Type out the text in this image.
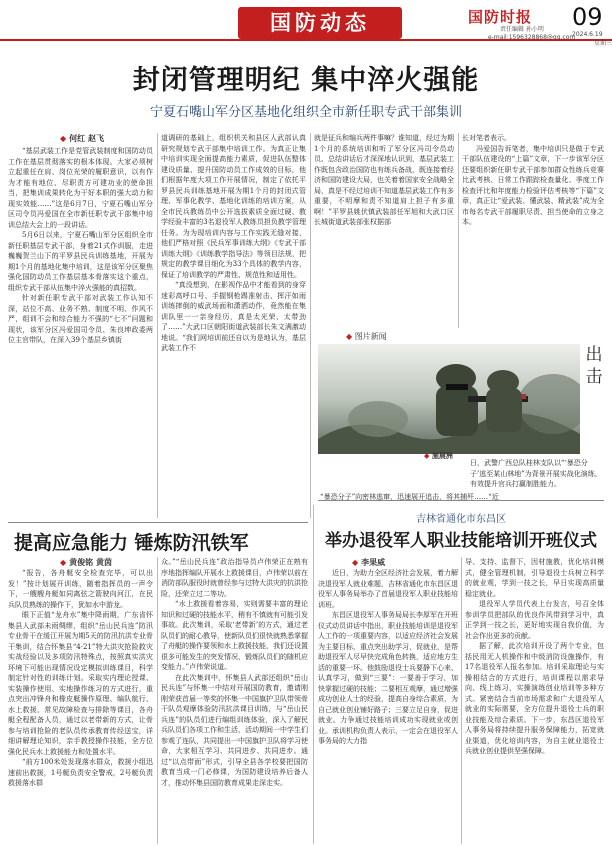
国防动态	国防时报
责任编辑 孙小明
e-mail:1596328868@qq.com
09
2024.6.19
星期三
封闭管理明纪 集中淬火强能
宁夏石嘴山军分区基地化组织全市新任职专武干部集训
◆ 何红 赵飞

“基层武装工作是党管武装制度和国防动员工作在基层贯彻落实的根本体现。大家必须树立起重任在肩、岗位光荣的履职意识，以有作为才能有地位、尽职责方可建功业的使命担当，把集训成果转化为干好本职的强大动力和现实效能……”这是6月7日，宁夏石嘴山军分区司令员冯爱国在全市新任职专武干部集中培训总结大会上的一段讲话。

5月6日以来，宁夏石嘴山军分区组织全市新任职基层专武干部，身着21式作训服，走进巍巍贺兰山下的平罗县民兵训练基地，开展为期1个月的基地化集中培训，这是该军分区聚焦强化国防动员工作基层基本骨落实这个重点，组织专武干部从伍集中淬火强能的真招数。

针对新任职专武干部对武装工作认知不深，站位不高、业务不熟、制度不明、作风不严，组训不会和综合能力不强的“七不”问题和现状，该军分区冯爱国司令员、朱良坤政委两位主官带队，在深入39个基层乡镇街

道调研的基础上，组织机关和县区人武部认真研究规划专武干部集中培训工作。为真正让集中培训实现全面提高能力素质，促进队伍整体建设质量、提升国防动员工作成效的目标，他们根据年度大项工作开展情况，制定了依托平罗县民兵训练基地开展为期1个月的封闭式管理、军事化教学、基地化训练的培训方案，从全市民兵教练员中公开选拔素质全面过硬、教学经验丰富的3名退役军人教练员担负教学管理任务。为为现培训内容与工作实践无缝对接，他们严格对照《民兵军事训练大纲》《专武干部训练大纲》《训练教学指导法》等领目法规，把规定的教学课目细化为33个具体的教学内容，保证了培训教学的严肃性、规范性和适用性。

“真没想到，在影视作品中才能看到的身穿迷彩高呼口号、手握钢枪踢准射击、挥汗如雨训练摔倒的威武场面和潇洒动作，竟然能在集训队里一一亲身经历，真是太光荣、太带劲了……”大武口区朝阳街道武装部长朱文满激动地说。“我们网培训前还自以为是地认为，基层武装工作不

就是征兵和编兵两件事嘛？谁知道，经过为期1个月的系统培训和听了军分区冯司令员动员、总结讲话后才深深地认识到，基层武装工作既包含政治国防也有练兵备战，既连接着经济和国防建设大局，也关着着国家安全战略全局，真是不经过培训不知道基层武装工作有多重要，不明摩和责不知道肩上担子有多重啊！”平罗县姚伏镇武装部任军旭和大武口区长城街道武装部张权据部

长对笔者表示。

冯爱国告诉笔者，集中培训只是做于专武干部队伍建设的“上篇”文章，下一步该军分区还要组织新任职专武干部参加群众性练兵竞赛比武考核、日常工作跟踪检查量化、季度工作检查评比和年度能力检验评估考核等“下篇”文章，真正让“爱武装、懂武装、精武装”成为全市每名专武干部履职尽责、担当使命的立身之本。

◆ 图片新闻
出击
◆ 施晨洲
日，武警广西总队桂林支队以“‘暴恐分子’逃至某山林地”为背景开展实战化演练，有效提升官兵打赢制胜能力。
“暴恐分子”向密林逃窜，迅速展开追击，将其捕歼……“近
提高应急能力 锤炼防汛铁军
◆ 黄俊铭 黄茵

“报告，各舟艇安全检查完毕，可以出发！”按计划展开训练，随着指挥员的一声令下，一艘艘舟艇如同离弦之箭驶向河江，在民兵队员熟练的操作下，犹如水中游龙。

眼下正值“龙舟水”集中降雨期，广东省怀集县人武部未雨绸缪，组织“岳山民兵连”防汛专业骨干在缓江开展为期5天的防汛抗洪专业骨干集训，结合怀集县“4·21”特大洪灾抢险救灾实战经验以及多项防汛特殊点，按照真实洪灾环境下可能出现情况设定模拟训练课目，科学制定针对性的训练计划。采取实内理论授课、实装操作使用、实地操作练习的方式进行，重点突出冲锋舟和橡皮艇操作原理、编队航行、水上救援、常见故障检查与排除等课目，各舟艇全程配备人员，通过以老带新的方式，让骨参与培训抢险的老队员传承教育传经送宝，详细讲解理论知识，亲手教授操作技能，全方位强化民兵水上救援能力和处置水平。

“前方100米处发现落水群众，救援小组迅速前出救援，1号艇负责安全警戒，2号艇负责救援落水群

众。”“岳山民兵连”政治指导员卢伟荣正在熟有序地指挥编队开展水上救援课目，卢伟荣以前在消防部队服役时就曾经参与过特大洪灾的抗洪抢险，还荣立过二等功。

“水上救援看着容易，实则需要丰富的理论知识和过硬的技能水平，稍有不慎就有可能引发事故。此次集训，采取‘老带新’的方式，通过老队员们的耐心教导，使新队员们很快就熟悉掌握了舟艇的操作要领和水上救援技能，我们还设置很多可能发生的突发情况，锻炼队员们的随机应变能力。”卢伟荣说道。

在此次集训中，怀集县人武部还组织“岳山民兵连”与怀集一中结对开展国防教育，邀请刚刚荣获首届一等奖的怀集一中国旗护卫队带领骨干队员观摩体验防汛抗洪课目训练，与“岳山民兵连”的队员们进行编组训练体验，深入了解民兵队员们各项工作和生活，活动期间一中学生们参观了连队，共同提出一中国旗护卫队将学习使命，大家相互学习、共同进步、共同进步。通过“以点带面”形式，引导全县各学校要把国防教育当成一门必修课，为国防建设培养后备人才，推动怀集县国防教育成果走深走实。

吉林省通化市东昌区
举办退役军人职业技能培训开班仪式
◆ 李果威

近日，为助力全区经济社会发展，着力解决退役军人就业难题，吉林省通化市东昌区退役军人事务局举办了首届退役军人职业技能培训班。

东昌区退役军人事务局局长李厚军在开班仪式动员讲话中指出，职业技能培训是退役军人工作的一项重要内容，以适应经济社会发展为主要目标，重点突出助学习，促就业，是帮助退役军人尽早快完成角色转换，适应地方生活的重要一环。他鼓励退役士兵要静下心来、认真学习，做到“三要”：一要善于学习，加快掌握过硬的技能；二要相互观摩，通过增强成功创业人士的经验，提高自身综合素质，为自己就业创业铺好路子；三要立足自身，促进就业。力争通过技能培训成功实现就业或创业。承训机构负责人表示，一定会在退役军人事务局的大力指

导、支持、监督下，因材施教，优化培训模式，健全管理机制，引导退役士兵树立科学的就业观，学到一技之长，早日实现高质量稳定就业。

退役军人学员代表上台发言，号召全体参训学员把部队的优良作风带到学习中，真正学到一技之长，更好地实现自我价值，为社会作出更多的贡献。

据了解，此次培训开设了两个专业，包括民用无人机操作和中级消防设施操作，有17名退役军人报名参加。培训采取理论与实操相结合的方式进行，培训课程以需求导向、线上练习，实操演练创业培训等多种方式。紧密结合当前市场需求和广大退役军人就业的实际需要，全方位提升退役士兵的职业技能及综合素质。下一步，东昌区退役军人事务局将持续提升服务保障能力，拓宽就业渠道，优化培训内容，为自主就业退役士兵就业创业提供坚强保障。
